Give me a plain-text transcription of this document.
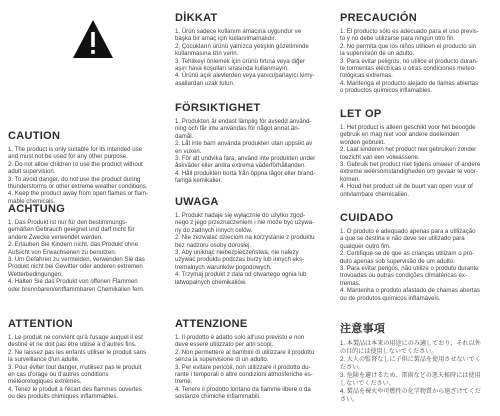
CAUTION

1. The product is only suitable for its intended use
and must not be used for any other purpose.
2. Do not allow children to use the product without
adult supervision.
3. To avoid danger, do not use the product during
thunderstorms or other extreme weather conditions.
4. Keep the product away from open flames or flam-
mable chemicals.

ACHTUNG

1. Das Produkt ist nur für den bestimmungs-
gemäßen Gebrauch geeignet und darf nicht für
andere Zwecke verwendet werden.
2. Erlauben Sie Kindern nicht, das Produkt ohne
Aufsicht von Erwachsenen zu benutzen.
3. Um Gefahren zu vermeiden, verwenden Sie das
Produkt nicht bei Gewitter oder anderen extremen
Wetterbedingungen.
4. Halten Sie das Produkt von offenen Flammen
oder brennbaren/entflammbaren Chemikalien fern.

ATTENTION

1. Le produit ne convient qu'à l'usage auquel il est
destiné et ne doit pas être utilisé à d'autres fins.
2. Ne laissez pas les enfants utiliser le produit sans
la surveillance d'un adulte.
3. Pour éviter tout danger, n'utilisez pas le produit
en cas d'orage ou d'autres conditions
météorologiques extrêmes.
4. Tenez le produit à l'écart des flammes ouvertes
ou des produits chimiques inflammables.

DİKKAT

1. Ürün sadece kullanım amacına uygundur ve
başka bir amaç için kullanılmamalıdır.
2. Çocukların ürünü yalnızca yetişkin gözetiminde
kullanmasına izin verin.
3. Tehlikeyi önlemek için ürünü fırtına veya diğer
aşırı hava koşulları sırasında kullanmayın.
4. Ürünü açık alevlerden veya yanıcı/parlayıcı kimy-
asallardan uzak tutun.

FÖRSIKTIGHET

1. Produkten är endast lämplig för avsedd använd-
ning och får inte användas för något annat än-
damål.
2. Låt inte barn använda produkten utan uppsikt av
en vuxen.
3. För att undvika fara, använd inte produkten under
åskväder eller andra extrema väderförhållanden.
4. Håll produkten borta från öppna lågor eller brand-
farliga kemikalier.

UWAGA

1. Produkt nadaje się wyłącznie do użytku zgod-
nego z jego przeznaczeniem i nie może być używa-
ny do żadnych innych celów.
2. Nie zezwalać dzieciom na korzystanie z produktu
bez nadzoru osoby dorosłej.
3. Aby uniknąć niebezpieczeństwa, nie należy
używać produktu podczas burzy lub innych eks-
tremalnych warunków pogodowych.
4. Trzymaj produkt z dala od otwartego ognia lub
łatwopalnych chemikaliów.

ATTENZIONE

1. Il prodotto è adatto solo all'uso previsto e non
deve essere utilizzato per altri scopi.
2. Non permettere ai bambini di utilizzare il prodotto
senza la supervisione di un adulto.
3. Per evitare pericoli, non utilizzare il prodotto du-
rante i temporali o altre condizioni atmosferiche es-
treme.
4. Tenere il prodotto lontano da fiamme libere o da
sostanze chimiche infiammabili.

PRECAUCIÓN

1. El producto sólo es adecuado para el uso previs-
to y no debe utilizarse para ningún otro fin.
2. No permita que los niños utilicen el producto sin
la supervisión de un adulto.
3. Para evitar peligros, no utilice el producto duran-
te tormentas eléctricas u otras condiciones meteo-
rológicas extremas.
4. Mantenga el producto alejado de llamas abiertas
o productos químicos inflamables.

LET OP

1. Het product is alleen geschikt voor het beoogde
gebruik en mag niet voor andere doeleinden
worden gebruikt.
2. Laat kinderen het product niet gebruiken zonder
toezicht van een volwassene.
3. Gebruik het product niet tijdens onweer of andere
extreme weersomstandigheden om gevaar te voor-
komen.
4. Houd het product uit de buurt van open vuur of
ontvlambare chemicaliën.

CUIDADO

1. O produto é adequado apenas para a utilização
a que se destina e não deve ser utilizado para
qualquer outro fim.
2. Certifique-se de que as crianças utilizam o pro-
duto apenas sob supervisão de um adulto.
3. Para evitar perigos, não utilize o produto durante
trovoadas ou outras condições climatéricas ex-
tremas.
4. Mantenha o produto afastado de chamas abertas
ou de produtos químicos inflamáveis.

注意事項

1. 本製品は本来の用途にのみ適しており、それ以外
の目的には使用しないでください。
2. 大人の監督なしに子供に製品を使用させないでく
ださい。
3. 危険を避けるため、雷雨などの悪天候時には使用
しないでください。
4. 製品を裸火や可燃性の化学物質から遠ざけてくだ
さい。
